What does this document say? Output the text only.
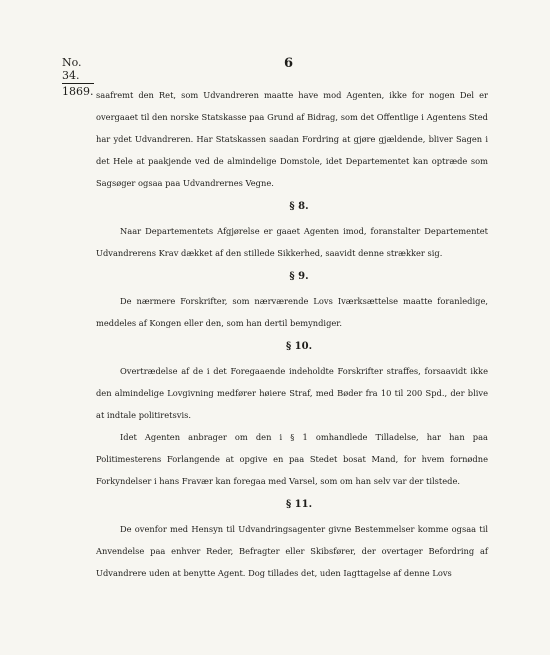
No. 34.
1869.
6

saafremt den Ret, som Udvandreren maatte have mod Agenten, ikke for nogen Del er overgaaet til den norske Statskasse paa Grund af Bidrag, som det Offentlige i Agentens Sted har ydet Udvandreren. Har Statskassen saadan Fordring at gjøre gjældende, bliver Sagen i det Hele at paakjende ved de almindelige Domstole, idet Departementet kan optræde som Sagsøger ogsaa paa Udvandrernes Vegne.

§ 8.

Naar Departementets Afgjørelse er gaaet Agenten imod, foranstalter Departementet Udvandrerens Krav dækket af den stillede Sikkerhed, saavidt denne strækker sig.

§ 9.

De nærmere Forskrifter, som nærværende Lovs Iværksættelse maatte foranledige, meddeles af Kongen eller den, som han dertil bemyndiger.

§ 10.

Overtrædelse af de i det Foregaaende indeholdte Forskrifter straffes, forsaavidt ikke den almindelige Lovgivning medfører høiere Straf, med Bøder fra 10 til 200 Spd., der blive at indtale politiretsvis.

Idet Agenten anbrager om den i § 1 omhandlede Tilladelse, har han paa Politimesterens Forlangende at opgive en paa Stedet bosat Mand, for hvem fornødne Forkyndelser i hans Fravær kan foregaa med Varsel, som om han selv var der tilstede.

§ 11.

De ovenfor med Hensyn til Udvandringsagenter givne Bestemmelser komme ogsaa til Anvendelse paa enhver Reder, Befragter eller Skibsfører, der overtager Befordring af Udvandrere uden at benytte Agent. Dog tillades det, uden Iagttagelse af denne Lovs
